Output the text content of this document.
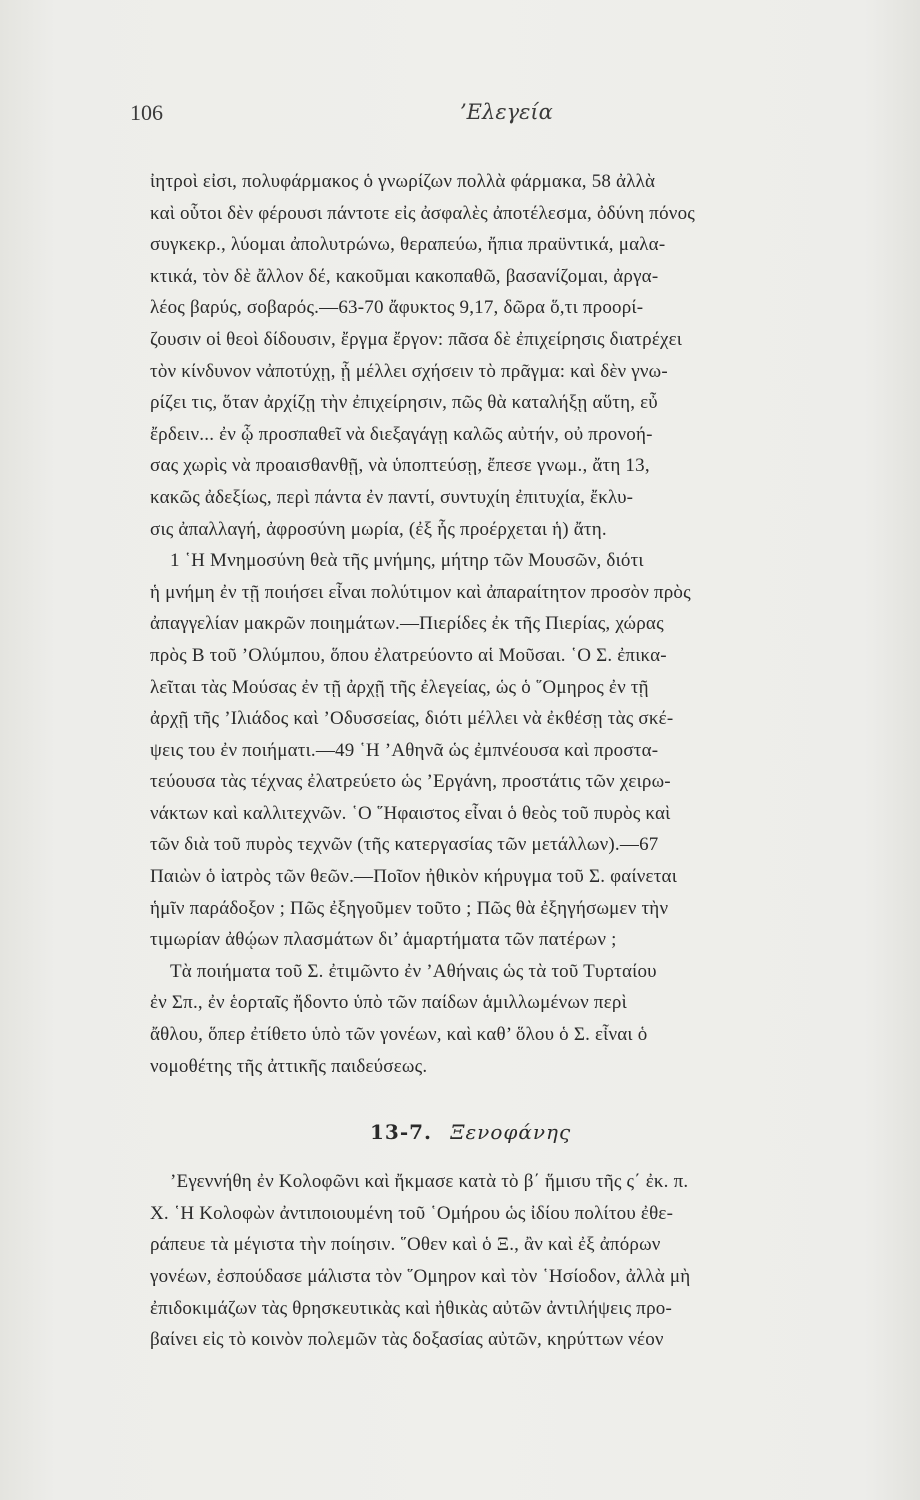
106	’Ελεγεία
ἰητροὶ εἰσι, πολυφάρμακος ὁ γνωρίζων πολλὰ φάρμακα, 58 ἀλλὰ
καὶ οὗτοι δὲν φέρουσι πάντοτε εἰς ἀσφαλὲς ἀποτέλεσμα, ὀδύνη πόνος
συγκεκρ., λύομαι ἀπολυτρώνω, θεραπεύω, ἤπια πραϋντικά, μαλα-
κτικά, τὸν δὲ ἄλλον δέ, κακοῦμαι κακοπαθῶ, βασανίζομαι, ἀργα-
λέος βαρύς, σοβαρός.—63-70 ἄφυκτος 9,17, δῶρα ὅ,τι προορί-
ζουσιν οἱ θεοὶ δίδουσιν, ἔργμα ἔργον: πᾶσα δὲ ἐπιχείρησις διατρέχει
τὸν κίνδυνον νἀποτύχῃ, ᾗ μέλλει σχήσειν τὸ πρᾶγμα: καὶ δὲν γνω-
ρίζει τις, ὅταν ἀρχίζῃ τὴν ἐπιχείρησιν, πῶς θὰ καταλήξῃ αὕτη, εὖ
ἔρδειν... ἐν ᾧ προσπαθεῖ νὰ διεξαγάγῃ καλῶς αὐτήν, οὐ προνοή-
σας χωρὶς νὰ προαισθανθῇ, νὰ ὑποπτεύσῃ, ἔπεσε γνωμ., ἄτη 13,
κακῶς ἀδεξίως, περὶ πάντα ἐν παντί, συντυχίη ἐπιτυχία, ἔκλυ-
σις ἀπαλλαγή, ἀφροσύνη μωρία, (ἐξ ἧς προέρχεται ἡ) ἄτη.
1 ῾Η Μνημοσύνη θεὰ τῆς μνήμης, μήτηρ τῶν Μουσῶν, διότι
ἡ μνήμη ἐν τῇ ποιήσει εἶναι πολύτιμον καὶ ἀπαραίτητον προσὸν πρὸς
ἀπαγγελίαν μακρῶν ποιημάτων.—Πιερίδες ἐκ τῆς Πιερίας, χώρας
πρὸς Β τοῦ ’Ολύμπου, ὅπου ἐλατρεύοντο αἱ Μοῦσαι. ῾Ο Σ. ἐπικα-
λεῖται τὰς Μούσας ἐν τῇ ἀρχῇ τῆς ἐλεγείας, ὡς ὁ ῞Ομηρος ἐν τῇ
ἀρχῇ τῆς ’Ιλιάδος καὶ ’Οδυσσείας, διότι μέλλει νὰ ἐκθέσῃ τὰς σκέ-
ψεις του ἐν ποιήματι.—49 ῾Η ’Αθηνᾶ ὡς ἐμπνέουσα καὶ προστα-
τεύουσα τὰς τέχνας ἐλατρεύετο ὡς ’Εργάνη, προστάτις τῶν χειρω-
νάκτων καὶ καλλιτεχνῶν. ῾Ο ῞Ηφαιστος εἶναι ὁ θεὸς τοῦ πυρὸς καὶ
τῶν διὰ τοῦ πυρὸς τεχνῶν (τῆς κατεργασίας τῶν μετάλλων).—67
Παιὼν ὁ ἰατρὸς τῶν θεῶν.—Ποῖον ἠθικὸν κήρυγμα τοῦ Σ. φαίνεται
ἡμῖν παράδοξον ; Πῶς ἐξηγοῦμεν τοῦτο ; Πῶς θὰ ἐξηγήσωμεν τὴν
τιμωρίαν ἀθῴων πλασμάτων δι’ ἁμαρτήματα τῶν πατέρων ;
Τὰ ποιήματα τοῦ Σ. ἐτιμῶντο ἐν ’Αθήναις ὡς τὰ τοῦ Τυρταίου
ἐν Σπ., ἐν ἑορταῖς ἤδοντο ὑπὸ τῶν παίδων ἁμιλλωμένων περὶ
ἄθλου, ὅπερ ἐτίθετο ὑπὸ τῶν γονέων, καὶ καθ’ ὅλου ὁ Σ. εἶναι ὁ
νομοθέτης τῆς ἀττικῆς παιδεύσεως.
13-7. Ξενοφάνης
’Εγεννήθη ἐν Κολοφῶνι καὶ ἤκμασε κατὰ τὸ β΄ ἥμισυ τῆς ς΄ ἐκ. π.
Χ. ῾Η Κολοφὼν ἀντιποιουμένη τοῦ ῾Ομήρου ὡς ἰδίου πολίτου ἐθε-
ράπευε τὰ μέγιστα τὴν ποίησιν. ῞Οθεν καὶ ὁ Ξ., ἂν καὶ ἐξ ἀπόρων
γονέων, ἐσπούδασε μάλιστα τὸν ῞Ομηρον καὶ τὸν ῾Ησίοδον, ἀλλὰ μὴ
ἐπιδοκιμάζων τὰς θρησκευτικὰς καὶ ἠθικὰς αὐτῶν ἀντιλήψεις προ-
βαίνει εἰς τὸ κοινὸν πολεμῶν τὰς δοξασίας αὐτῶν, κηρύττων νέον
